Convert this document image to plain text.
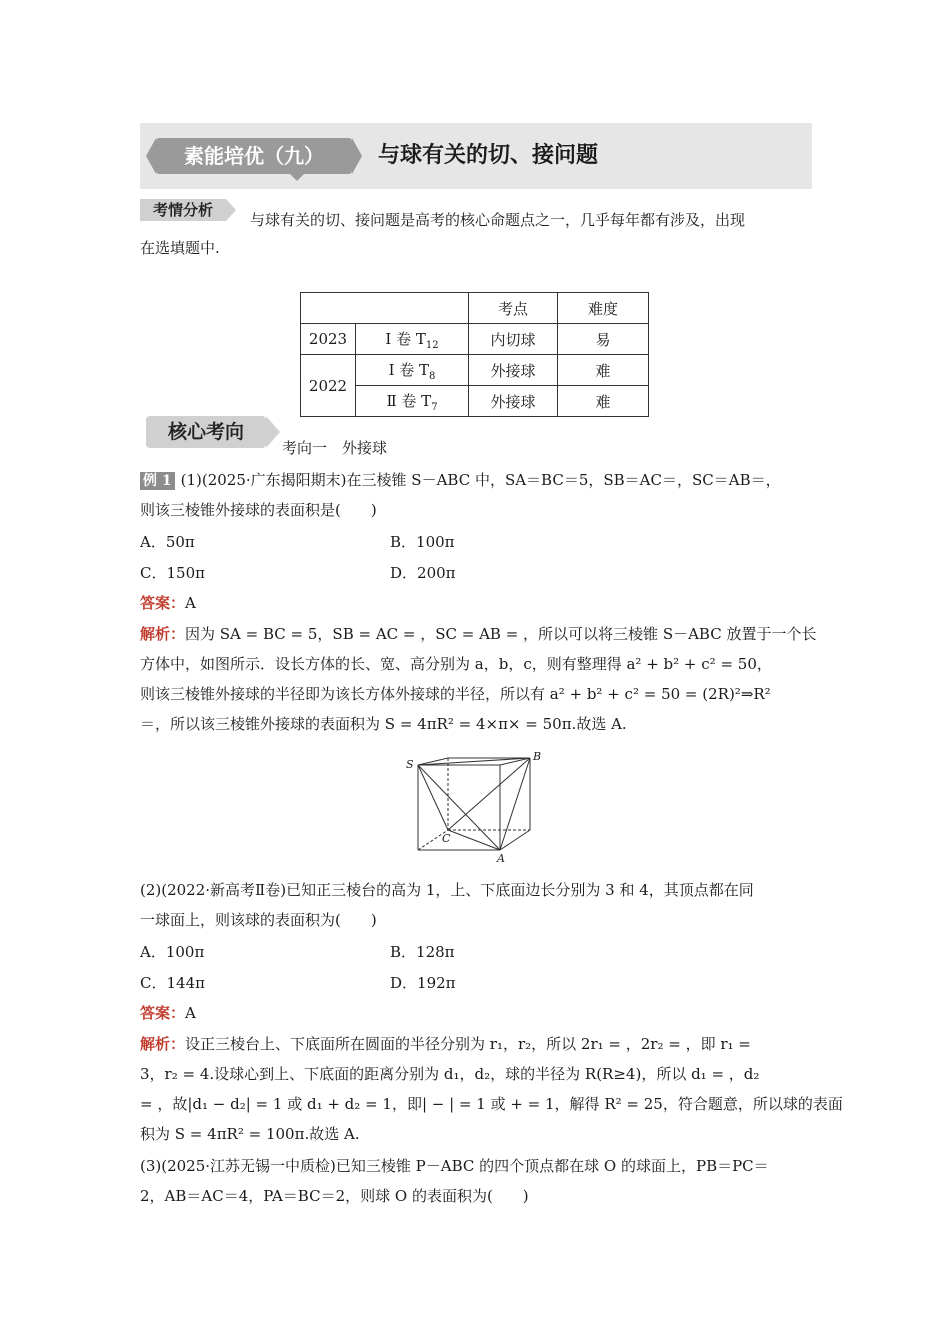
素能培优（九）	与球有关的切、接问题
考情分析
与球有关的切、接问题是高考的核心命题点之一，几乎每年都有涉及，出现
在选填题中.
		考点	难度
2023	Ⅰ 卷 $T_{12}$	内切球	易
2022	Ⅰ 卷 $T_8$	外接球	难
	Ⅱ 卷 $T_7$	外接球	难
核心考向
考向一　外接球
例 1 (1)(2025·广东揭阳期末)在三棱锥 S－ABC 中，SA＝BC＝5，SB＝AC＝，SC＝AB＝，
则该三棱锥外接球的表面积是(　　)
A．50π	B．100π
C．150π	D．200π
答案：A
解析：因为 SA = BC = 5，SB = AC = ，SC = AB = ，所以可以将三棱锥 S－ABC 放置于一个长
方体中，如图所示．设长方体的长、宽、高分别为 a，b，c，则有整理得 a² + b² + c² = 50，
则该三棱锥外接球的半径即为该长方体外接球的半径，所以有 a² + b² + c² = 50 = (2R)²⇒R²
＝，所以该三棱锥外接球的表面积为 S = 4πR² = 4×π× = 50π.故选 A.
S
B
C
A
(2)(2022·新高考Ⅱ卷)已知正三棱台的高为 1，上、下底面边长分别为 3 和 4，其顶点都在同
一球面上，则该球的表面积为(　　)
A．100π	B．128π
C．144π	D．192π
答案：A
解析：设正三棱台上、下底面所在圆面的半径分别为 r₁，r₂，所以 2r₁ = ，2r₂ = ，即 r₁ =
3，r₂ = 4.设球心到上、下底面的距离分别为 d₁，d₂，球的半径为 R(R≥4)，所以 d₁ = ，d₂
= ，故|d₁ − d₂| = 1 或 d₁ + d₂ = 1，即| − | = 1 或 + = 1，解得 R² = 25，符合题意，所以球的表面
积为 S = 4πR² = 100π.故选 A.
(3)(2025·江苏无锡一中质检)已知三棱锥 P－ABC 的四个顶点都在球 O 的球面上，PB＝PC＝
2，AB＝AC＝4，PA＝BC＝2，则球 O 的表面积为(　　)
